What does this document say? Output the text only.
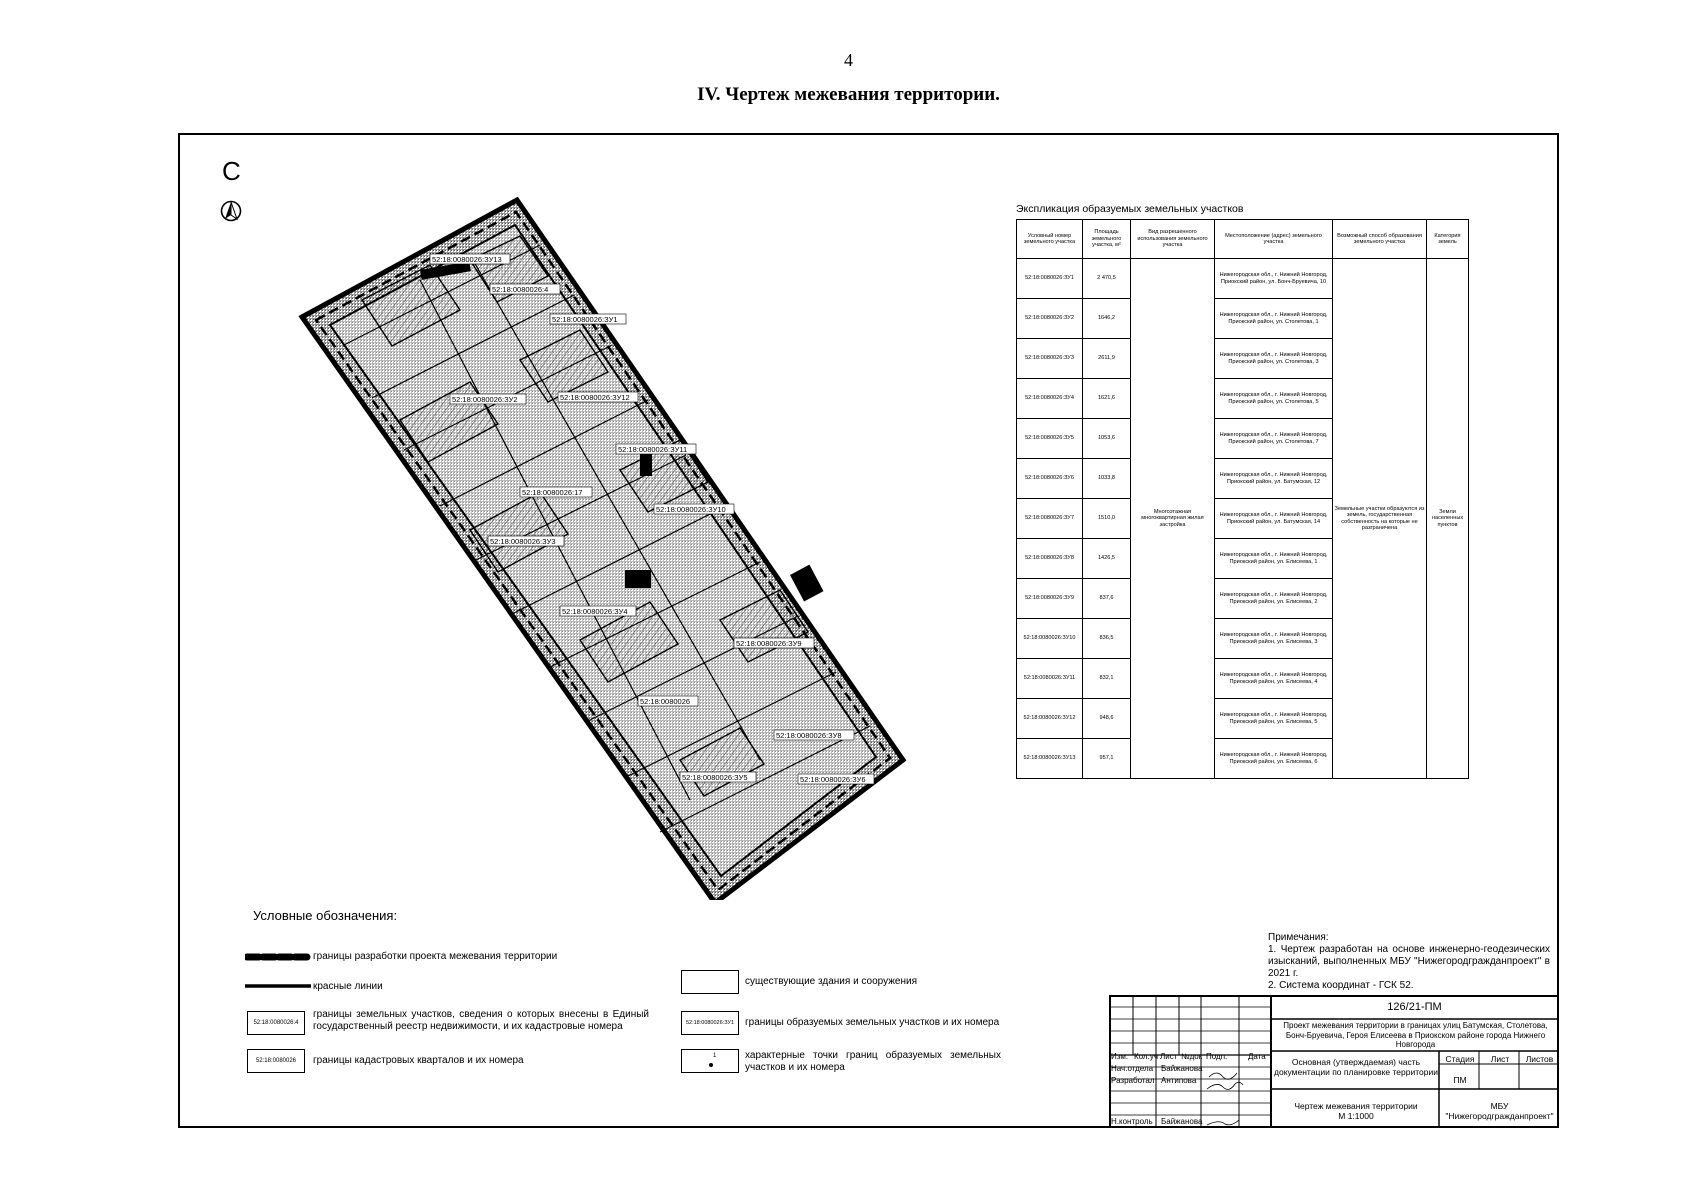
4
IV. Чертеж межевания территории.
С
52:18:0080026:ЗУ13
52:18:0080026:4
52:18:0080026:ЗУ1
52:18:0080026:ЗУ12
52:18:0080026:ЗУ2
52:18:0080026:ЗУ11
52:18:0080026:17
52:18:0080026:ЗУ3
52:18:0080026:ЗУ10
52:18:0080026:ЗУ4
52:18:0080026:ЗУ9
52:18:0080026
52:18:0080026:ЗУ5
52:18:0080026:ЗУ8
52:18:0080026:ЗУ6
Экспликация образуемых земельных участков
Условный номер земельного участка	Площадь земельного участка, м²	Вид разрешенного использования земельного участка	Местоположение (адрес) земельного участка	Возможный способ образования земельного участка	Категория земель
52:18:0080026:ЗУ1	2 470,5	Многоэтажная многоквартирная жилая застройка	Нижегородская обл., г. Нижний Новгород, Приокский район, ул. Бонч-Бруевича, 10	Земельные участки образуются из земель, государственная собственность на которые не разграничена	Земли населенных пунктов
52:18:0080026:ЗУ2	1646,2		Нижегородская обл., г. Нижний Новгород, Приокский район, ул. Столетова, 1		
52:18:0080026:ЗУ3	2611,9		Нижегородская обл., г. Нижний Новгород, Приокский район, ул. Столетова, 3		
52:18:0080026:ЗУ4	1621,6		Нижегородская обл., г. Нижний Новгород, Приокский район, ул. Столетова, 5		
52:18:0080026:ЗУ5	1053,6		Нижегородская обл., г. Нижний Новгород, Приокский район, ул. Столетова, 7		
52:18:0080026:ЗУ6	1033,8		Нижегородская обл., г. Нижний Новгород, Приокский район, ул. Батумская, 12		
52:18:0080026:ЗУ7	1510,0		Нижегородская обл., г. Нижний Новгород, Приокский район, ул. Батумская, 14		
52:18:0080026:ЗУ8	1426,5		Нижегородская обл., г. Нижний Новгород, Приокский район, ул. Елисеева, 1		
52:18:0080026:ЗУ9	837,6		Нижегородская обл., г. Нижний Новгород, Приокский район, ул. Елисеева, 2		
52:18:0080026:ЗУ10	836,5		Нижегородская обл., г. Нижний Новгород, Приокский район, ул. Елисеева, 3		
52:18:0080026:ЗУ11	832,1		Нижегородская обл., г. Нижний Новгород, Приокский район, ул. Елисеева, 4		
52:18:0080026:ЗУ12	948,6		Нижегородская обл., г. Нижний Новгород, Приокский район, ул. Елисеева, 5		
52:18:0080026:ЗУ13	957,1		Нижегородская обл., г. Нижний Новгород, Приокский район, ул. Елисеева, 6		
Условные обозначения:
границы разработки проекта межевания территории
красные линии
52:18:0080026:4
границы земельных участков, сведения о которых внесены в Единый государственный реестр недвижимости, и их кадастровые номера
52:18:0080026	границы кадастровых кварталов и их номера
существующие здания и сооружения
52:18:0080026:ЗУ1	границы образуемых земельных участков и их номера
1	характерные точки границ образуемых земельных участков и их номера
Примечания:
1. Чертеж разработан на основе инженерно-геодезических изысканий, выполненных МБУ "Нижегородгражданпроект" в 2021 г.
2. Система координат - ГСК 52.
126/21-ПМ
Проект межевания территории в границах улиц Батумская, Столетова, Бонч-Бруевича, Героя Елисеева в Приокском районе города Нижнего Новгорода
Изм. Кол.уч Лист №док Подп.	Дата
Нач.отдела Байжанова
Разработал Антипова
Н.контроль Байжанова
Основная (утверждаемая) часть документации по планировке территории
Стадия	Лист	Листов
ПМ
Чертеж межевания территории
М 1:1000
МБУ "Нижегородгражданпроект"
